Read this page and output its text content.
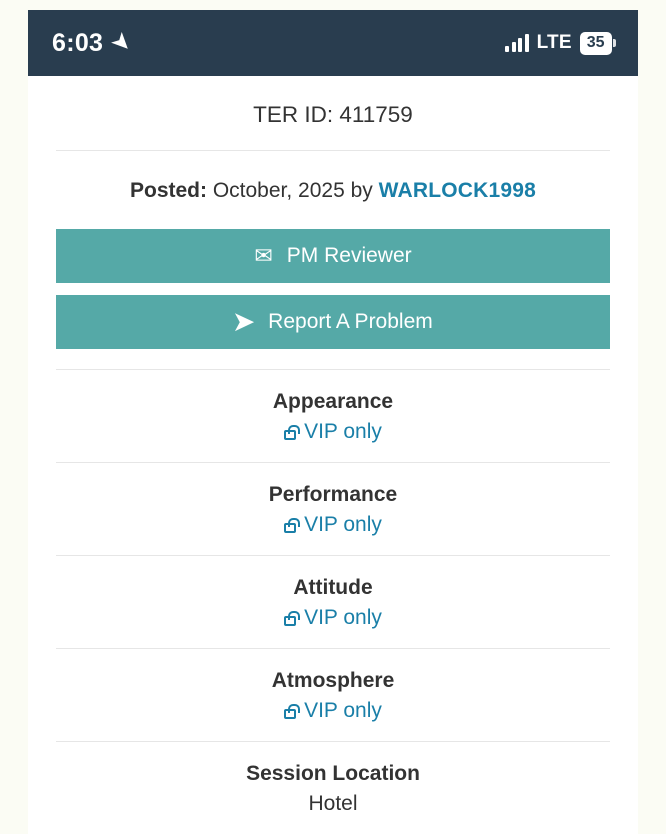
6:03 ➤	LTE 35
TER ID: 411759
Posted: October, 2025 by WARLOCK1998
✉ PM Reviewer
➤ Report A Problem
Appearance
VIP only
Performance
VIP only
Attitude
VIP only
Atmosphere
VIP only
Session Location
Hotel
